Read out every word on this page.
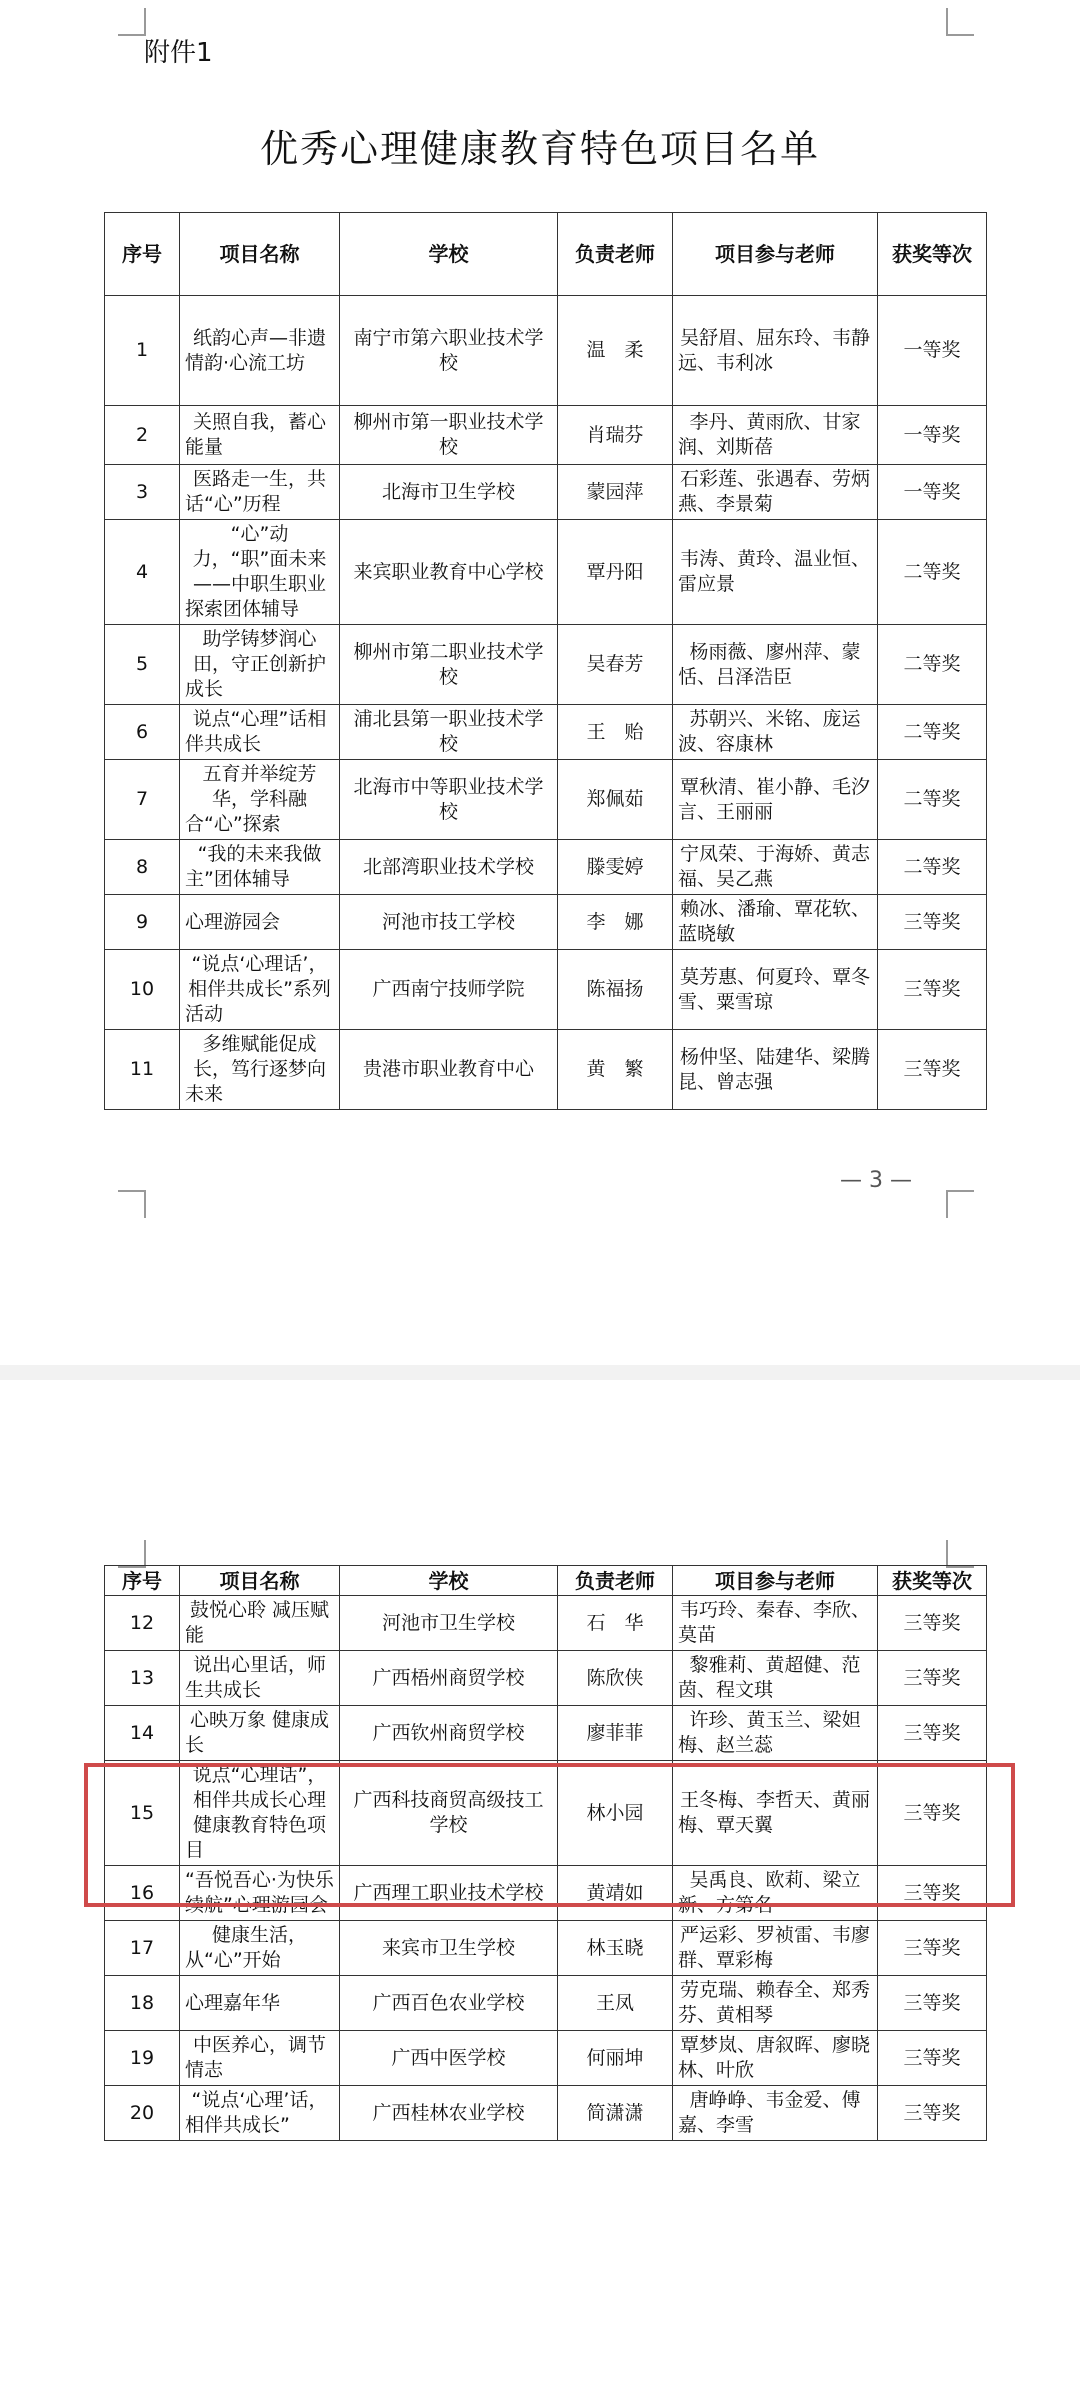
附件1
优秀心理健康教育特色项目名单
序号	项目名称	学校	负责老师	项目参与老师	获奖等次
1	纸韵心声—非遗情韵·心流工坊	南宁市第六职业技术学校	温　柔	吴舒眉、屈东玲、韦静远、韦利冰	一等奖
2	关照自我，蓄心能量	柳州市第一职业技术学校	肖瑞芬	李丹、黄雨欣、甘家润、刘斯蓓	一等奖
3	医路走一生，共话“心”历程	北海市卫生学校	蒙园萍	石彩莲、张遇春、劳炳燕、李景菊	一等奖
4	“心”动力，“职”面未来——中职生职业探索团体辅导	来宾职业教育中心学校	覃丹阳	韦涛、黄玲、温业恒、雷应景	二等奖
5	助学铸梦润心田，守正创新护成长	柳州市第二职业技术学校	吴春芳	杨雨薇、廖州萍、蒙恬、吕泽浩臣	二等奖
6	说点“心理”话相伴共成长	浦北县第一职业技术学校	王　贻	苏朝兴、米铭、庞运波、容康林	二等奖
7	五育并举绽芳华，学科融合“心”探索	北海市中等职业技术学校	郑佩茹	覃秋清、崔小静、毛汐言、王丽丽	二等奖
8	“我的未来我做主”团体辅导	北部湾职业技术学校	滕雯婷	宁凤荣、于海娇、黄志福、吴乙燕	二等奖
9	心理游园会	河池市技工学校	李　娜	赖冰、潘瑜、覃花软、蓝晓敏	三等奖
10	“说点‘心理话’，相伴共成长”系列活动	广西南宁技师学院	陈福扬	莫芳惠、何夏玲、覃冬雪、粟雪琼	三等奖
11	多维赋能促成长，笃行逐梦向未来	贵港市职业教育中心	黄　繁	杨仲坚、陆建华、梁腾昆、曾志强	三等奖
— 3 —
序号	项目名称	学校	负责老师	项目参与老师	获奖等次
12	鼓悦心聆 减压赋能	河池市卫生学校	石　华	韦巧玲、秦春、李欣、莫苗	三等奖
13	说出心里话，师生共成长	广西梧州商贸学校	陈欣侠	黎雅莉、黄超健、范茵、程文琪	三等奖
14	心映万象 健康成长	广西钦州商贸学校	廖菲菲	许珍、黄玉兰、梁妲梅、赵兰蕊	三等奖
15	说点“心理话”，相伴共成长心理健康教育特色项目	广西科技商贸高级技工学校	林小园	王冬梅、李哲天、黄丽梅、覃天翼	三等奖
16	“吾悦吾心·为快乐续航”心理游园会	广西理工职业技术学校	黄靖如	吴禹良、欧莉、梁立新、方第名	三等奖
17	健康生活，从“心”开始	来宾市卫生学校	林玉晓	严运彩、罗祯雷、韦廖群、覃彩梅	三等奖
18	心理嘉年华	广西百色农业学校	王凤	劳克瑞、赖春全、郑秀芬、黄相琴	三等奖
19	中医养心，调节情志	广西中医学校	何丽坤	覃梦岚、唐叙晖、廖晓林、叶欣	三等奖
20	“说点‘心理’话，相伴共成长”	广西桂林农业学校	简潇潇	唐峥峥、韦金爱、傅嘉、李雪	三等奖
